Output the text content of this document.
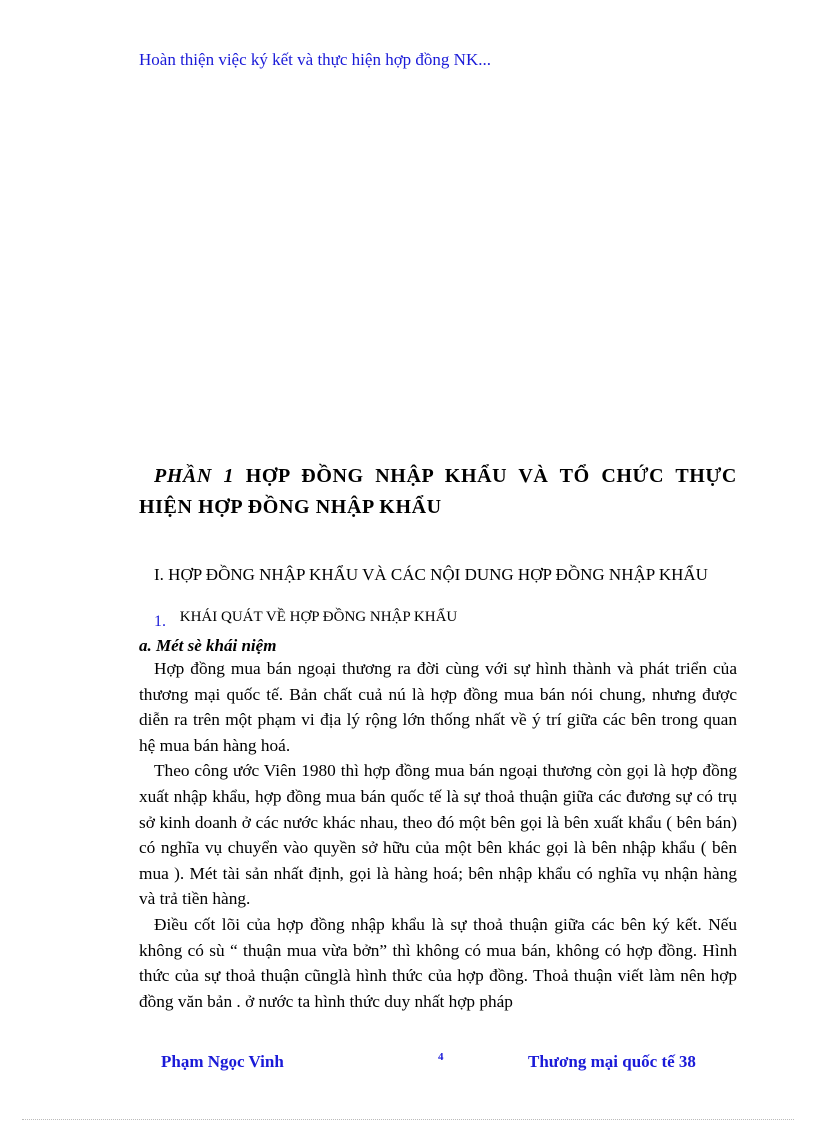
Hoàn thiện việc ký kết và thực hiện hợp đồng NK...
PHẦN 1 HỢP ĐỒNG NHẬP KHẨU VÀ TỔ CHỨC THỰC HIỆN HỢP ĐỒNG NHẬP KHẨU
I. HỢP ĐỒNG NHẬP KHẨU VÀ CÁC NỘI DUNG HỢP ĐỒNG NHẬP KHẨU
1. KHÁI QUÁT VỀ HỢP ĐỒNG NHẬP KHẨU
a. Mét sè khái niệm

Hợp đồng mua bán ngoại thương ra đời cùng với sự hình thành và phát triển của thương mại quốc tế. Bản chất cuả nú là hợp đồng mua bán nói chung, nhưng được diễn ra trên một phạm vi địa lý rộng lớn thống nhất về ý trí giữa các bên trong quan hệ mua bán hàng hoá.

Theo công ước Viên 1980 thì hợp đồng mua bán ngoại thương còn gọi là hợp đồng xuất nhập khẩu, hợp đồng mua bán quốc tế là sự thoả thuận giữa các đương sự có trụ sở kinh doanh ở các nước khác nhau, theo đó một bên gọi là bên xuất khẩu ( bên bán) có nghĩa vụ chuyển vào quyền sở hữu của một bên khác gọi là bên nhập khẩu ( bên mua ). Mét tài sản nhất định, gọi là hàng hoá; bên nhập khẩu có nghĩa vụ nhận hàng và trả tiền hàng.

Điều cốt lõi của hợp đồng nhập khẩu là sự thoả thuận giữa các bên ký kết. Nếu không có sù “ thuận mua vừa bởn” thì không có mua bán, không có hợp đồng. Hình thức của sự thoả thuận cũnglà hình thức của hợp đồng. Thoả thuận viết làm nên hợp đồng văn bản . ở nước ta hình thức duy nhất hợp pháp

Phạm Ngọc Vinh	4	Thương mại quốc tế 38
